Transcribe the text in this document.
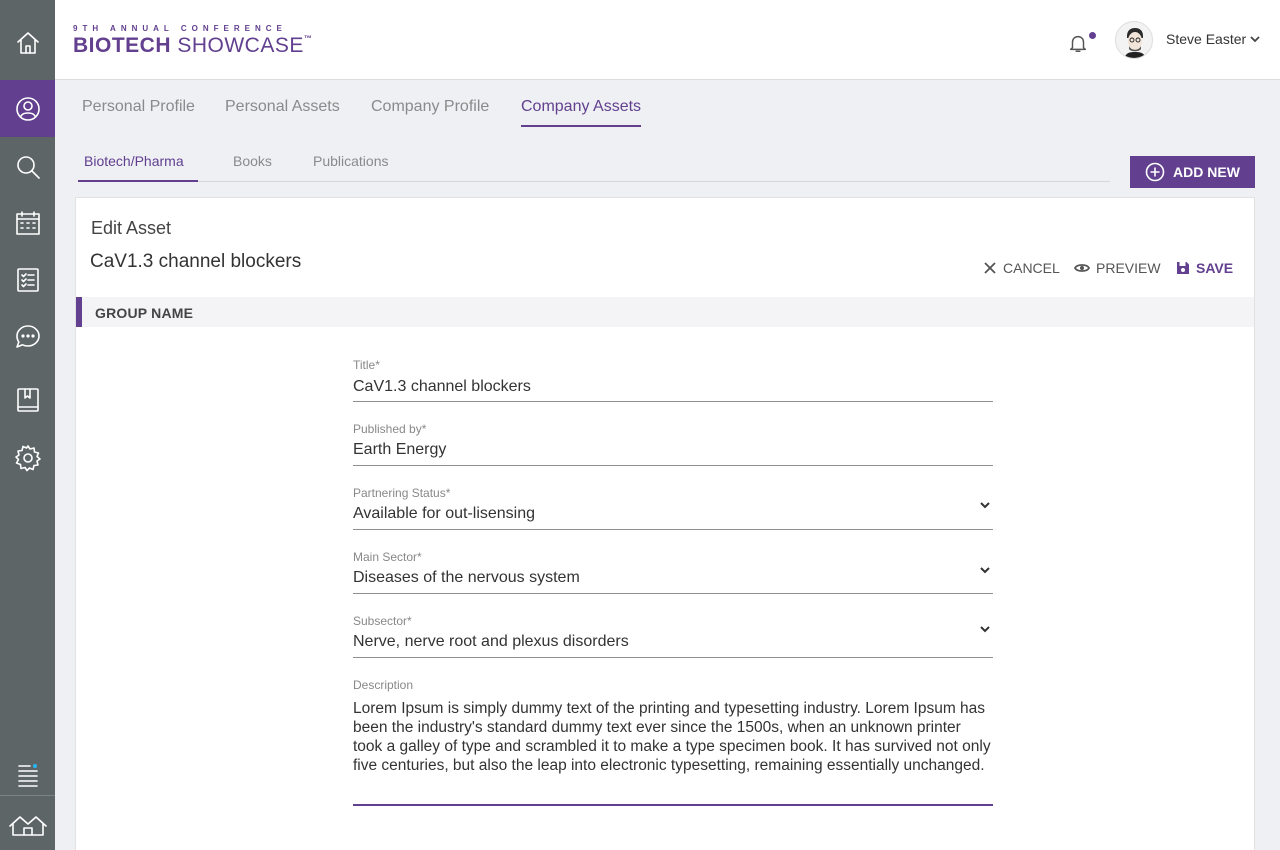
9TH ANNUAL CONFERENCE
BIOTECH SHOWCASE™	Steve Easter
Personal Profile Personal Assets Company Profile Company Assets
Biotech/Pharma	Books	Publications
ADD NEW
Edit Asset
CaV1.3 channel blockers	CANCEL	PREVIEW	SAVE
GROUP NAME
Title*
CaV1.3 channel blockers
Published by*
Earth Energy
Partnering Status*
Available for out-lisensing
Main Sector*
Diseases of the nervous system
Subsector*
Nerve, nerve root and plexus disorders
Description
Lorem Ipsum is simply dummy text of the printing and typesetting industry. Lorem Ipsum has been the industry's standard dummy text ever since the 1500s, when an unknown printer took a galley of type and scrambled it to make a type specimen book. It has survived not only five centuries, but also the leap into electronic typesetting, remaining essentially unchanged.
